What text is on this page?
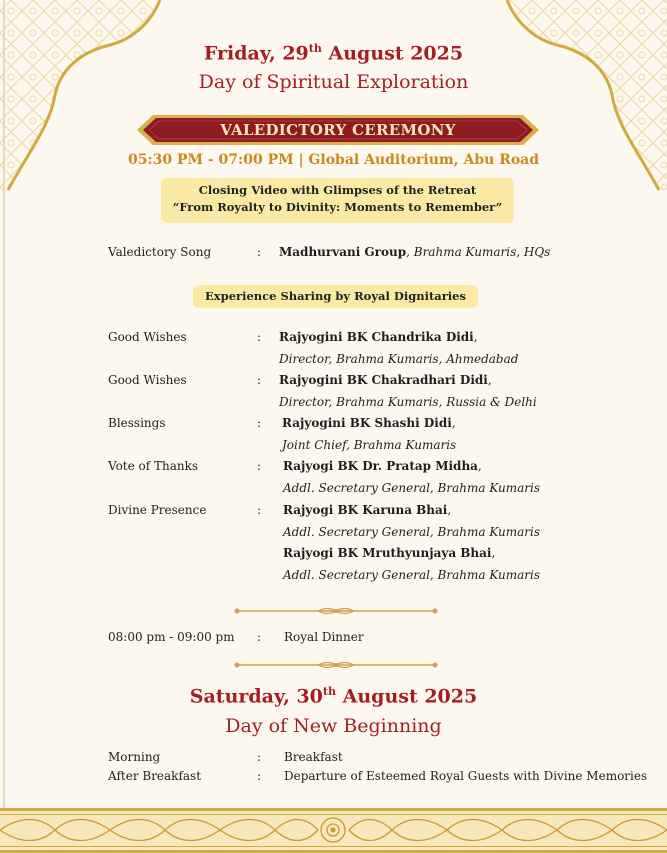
Friday, 29th August 2025
Day of Spiritual Exploration
VALEDICTORY CEREMONY
05:30 PM - 07:00 PM | Global Auditorium, Abu Road
Closing Video with Glimpses of the Retreat
“From Royalty to Divinity: Moments to Remember”
Valedictory Song	: Madhurvani Group, Brahma Kumaris, HQs
Experience Sharing by Royal Dignitaries
Good Wishes	: Rajyogini BK Chandrika Didi,
Director, Brahma Kumaris, Ahmedabad
Good Wishes	: Rajyogini BK Chakradhari Didi,
Director, Brahma Kumaris, Russia & Delhi
Blessings	: Rajyogini BK Shashi Didi,
Joint Chief, Brahma Kumaris
Vote of Thanks	: Rajyogi BK Dr. Pratap Midha,
Addl. Secretary General, Brahma Kumaris
Divine Presence	: Rajyogi BK Karuna Bhai,
Addl. Secretary General, Brahma Kumaris
Rajyogi BK Mruthyunjaya Bhai,
Addl. Secretary General, Brahma Kumaris
08:00 pm - 09:00 pm : Royal Dinner
Saturday, 30th August 2025
Day of New Beginning
Morning	: Breakfast
After Breakfast	: Departure of Esteemed Royal Guests with Divine Memories
